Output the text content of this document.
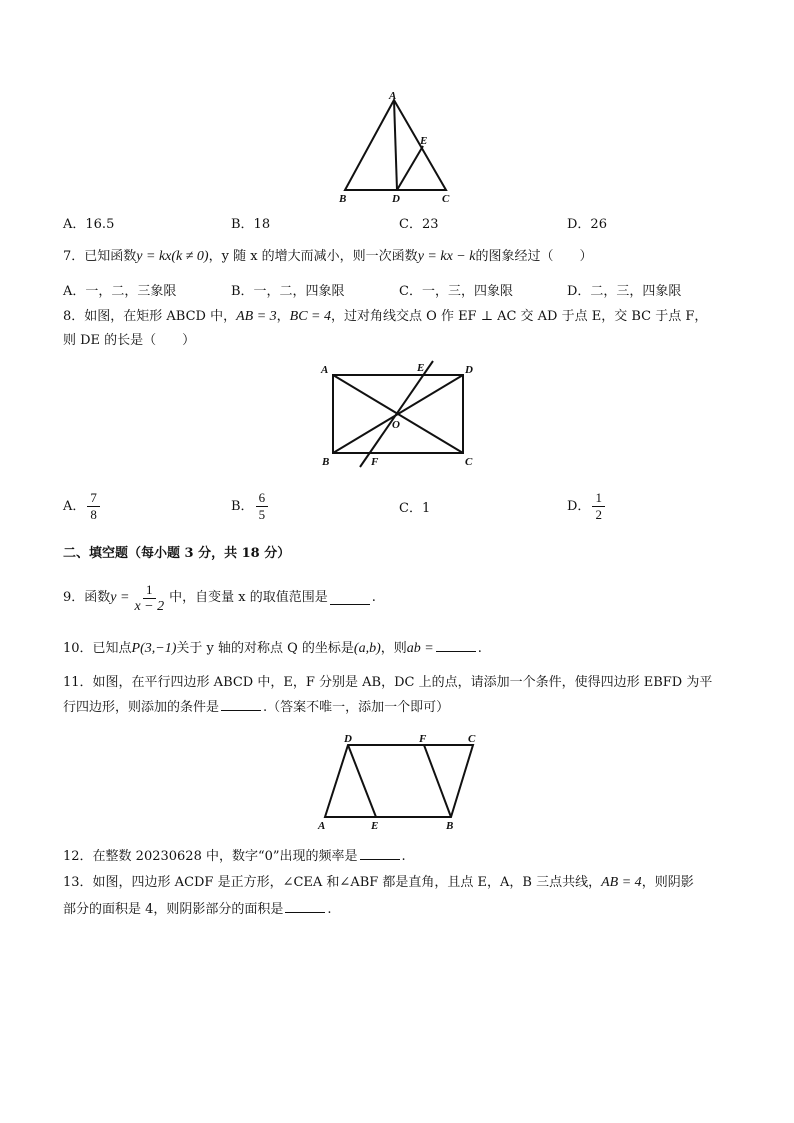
A
B	C
D
E
A	D
E
B	C
F
O
D	F	C
A	E	B
A．16.5	B．18	C．23	D．26
7．已知函数y = kx(k ≠ 0)，y 随 x 的增大而减小，则一次函数y = kx − k的图象经过（　　）
A．一，二，三象限	B．一，二，四象限	C．一，三，四象限	D．二，三，四象限
8．如图，在矩形 ABCD 中，AB = 3，BC = 4，过对角线交点 O 作 EF ⊥ AC 交 AD 于点 E，交 BC 于点 F，
则 DE 的长是（　　）
A． $\frac{7}{8}$	B． $\frac{6}{5}$	C．1	D． $\frac{1}{2}$
二、填空题（每小题 3 分，共 18 分）
9．函数 $y = \frac{1}{x - 2}$ 中，自变量 x 的取值范围是	.
10．已知点P(3,−1)关于 y 轴的对称点 Q 的坐标是(a,b)，则ab =	.
11．如图，在平行四边形 ABCD 中，E，F 分别是 AB，DC 上的点，请添加一个条件，使得四边形 EBFD 为平
行四边形，则添加的条件是	.（答案不唯一，添加一个即可）
12．在整数 20230628 中，数字“0”出现的频率是	.
13．如图，四边形 ACDF 是正方形，∠CEA 和∠ABF 都是直角，且点 E，A，B 三点共线，AB = 4，则阴影
部分的面积是 4，则阴影部分的面积是	.
